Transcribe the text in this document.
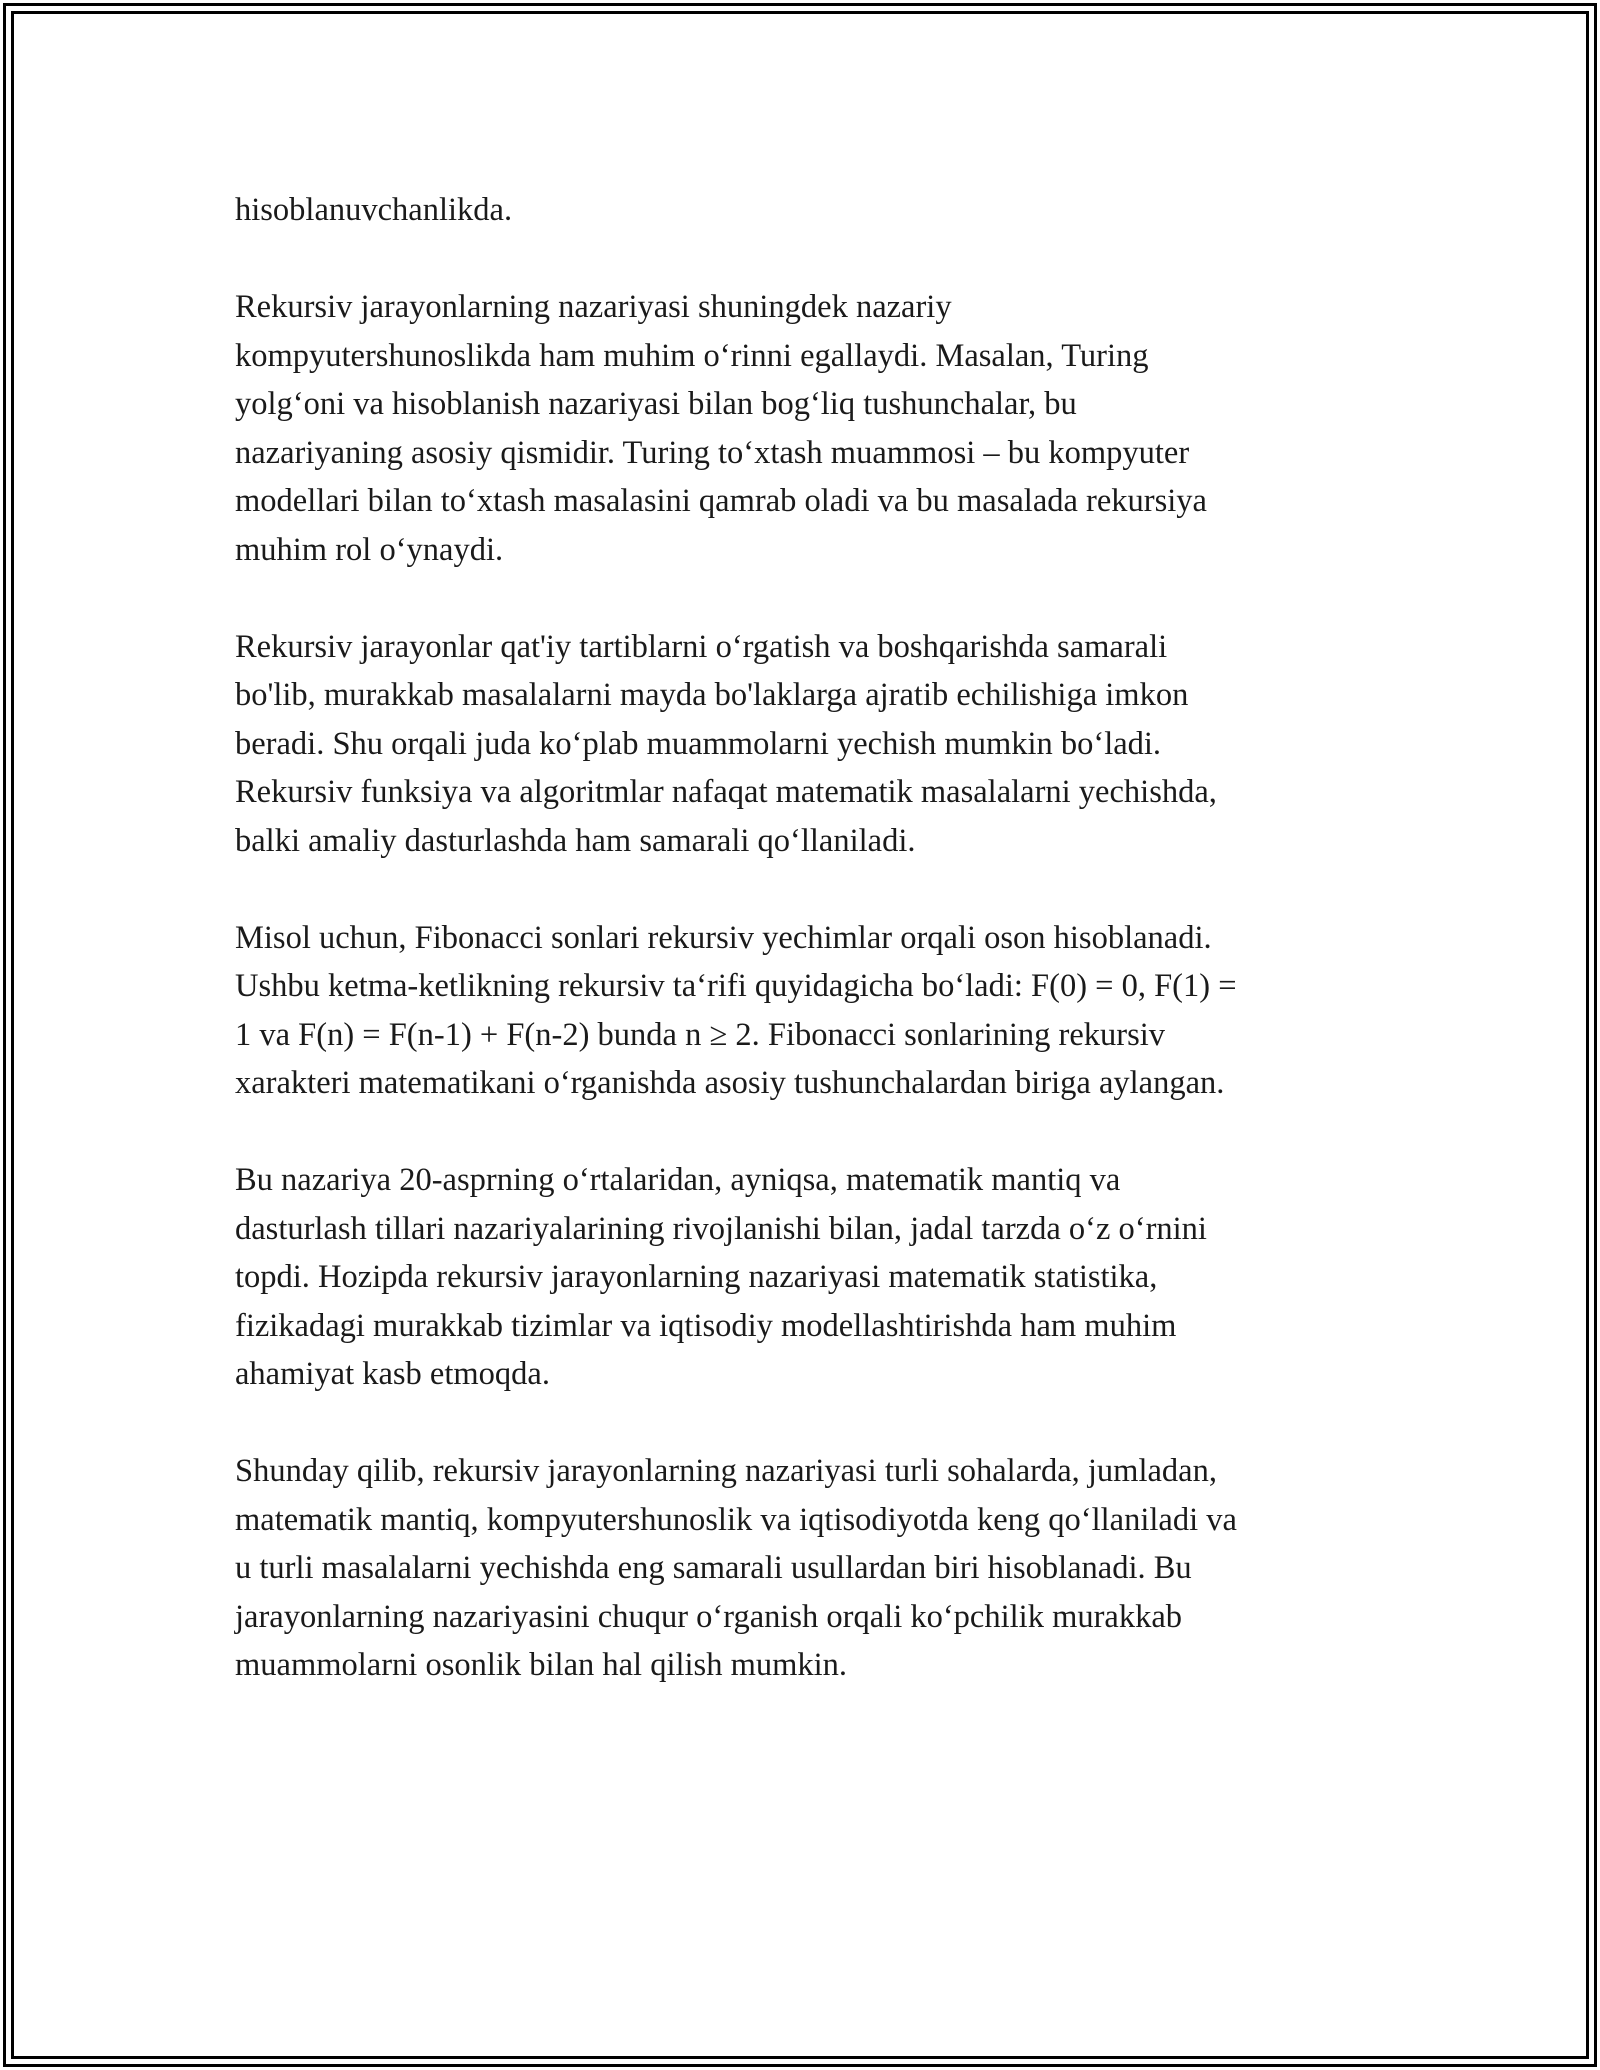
hisoblanuvchanlikda.

Rekursiv jarayonlarning nazariyasi shuningdek nazariy
kompyutershunoslikda ham muhim o‘rinni egallaydi. Masalan, Turing
yolg‘oni va hisoblanish nazariyasi bilan bog‘liq tushunchalar, bu
nazariyaning asosiy qismidir. Turing to‘xtash muammosi – bu kompyuter
modellari bilan to‘xtash masalasini qamrab oladi va bu masalada rekursiya
muhim rol o‘ynaydi.

Rekursiv jarayonlar qat'iy tartiblarni o‘rgatish va boshqarishda samarali
bo'lib, murakkab masalalarni mayda bo'laklarga ajratib echilishiga imkon
beradi. Shu orqali juda ko‘plab muammolarni yechish mumkin bo‘ladi.
Rekursiv funksiya va algoritmlar nafaqat matematik masalalarni yechishda,
balki amaliy dasturlashda ham samarali qo‘llaniladi.

Misol uchun, Fibonacci sonlari rekursiv yechimlar orqali oson hisoblanadi.
Ushbu ketma-ketlikning rekursiv ta‘rifi quyidagicha bo‘ladi: F(0) = 0, F(1) =
1 va F(n) = F(n-1) + F(n-2) bunda n ≥ 2. Fibonacci sonlarining rekursiv
xarakteri matematikani o‘rganishda asosiy tushunchalardan biriga aylangan.

Bu nazariya 20-asprning o‘rtalaridan, ayniqsa, matematik mantiq va
dasturlash tillari nazariyalarining rivojlanishi bilan, jadal tarzda o‘z o‘rnini
topdi. Hozipda rekursiv jarayonlarning nazariyasi matematik statistika,
fizikadagi murakkab tizimlar va iqtisodiy modellashtirishda ham muhim
ahamiyat kasb etmoqda.

Shunday qilib, rekursiv jarayonlarning nazariyasi turli sohalarda, jumladan,
matematik mantiq, kompyutershunoslik va iqtisodiyotda keng qo‘llaniladi va
u turli masalalarni yechishda eng samarali usullardan biri hisoblanadi. Bu
jarayonlarning nazariyasini chuqur o‘rganish orqali ko‘pchilik murakkab
muammolarni osonlik bilan hal qilish mumkin.
